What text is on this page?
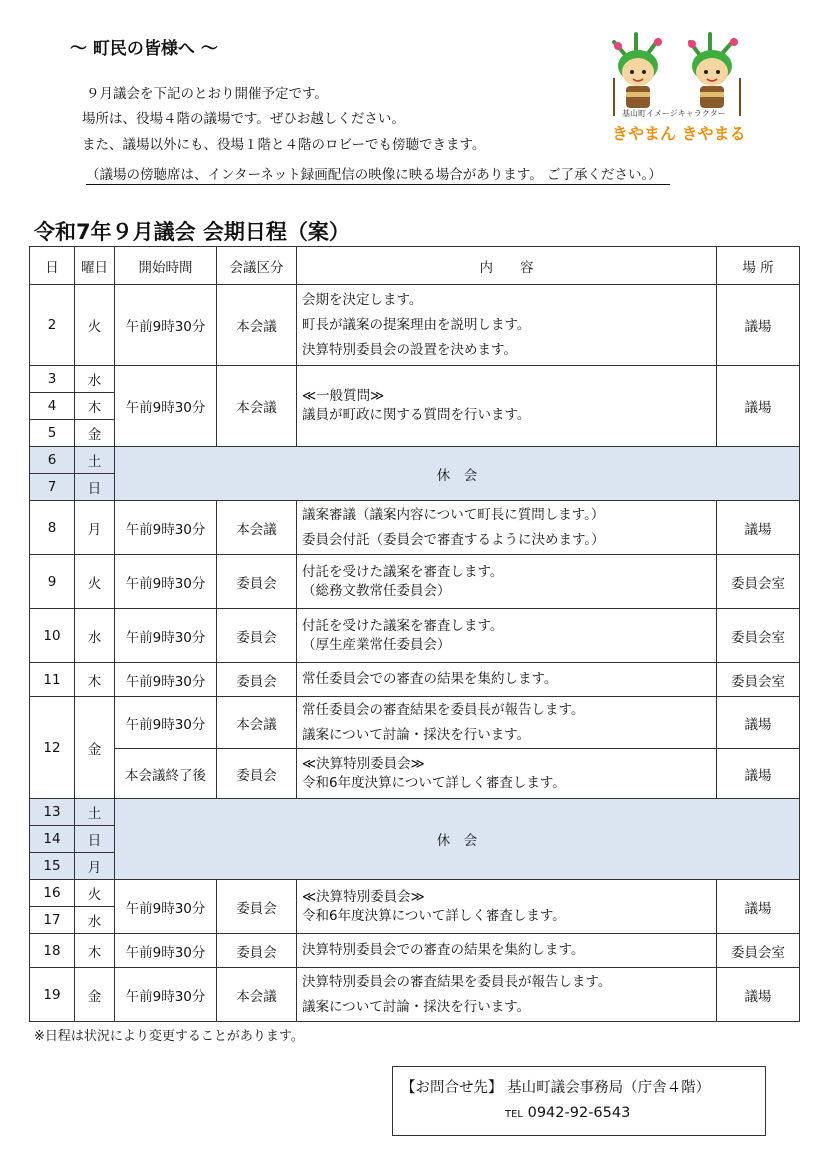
～ 町民の皆様へ ～
９月議会を下記のとおり開催予定です。
場所は、役場４階の議場です。ぜひお越しください。
また、議場以外にも、役場１階と４階のロビーでも傍聴できます。
（議場の傍聴席は、インターネット録画配信の映像に映る場合があります。 ご了承ください。）
基山町イメージキャラクター
きやまん きやまる
令和7年９月議会 会期日程（案）
日	曜日	開始時間	会議区分	内　　容	場 所
2	火	午前9時30分	本会議	会期を決定します。
町長が議案の提案理由を説明します。
決算特別委員会の設置を決めます。	議場
3	水	午前9時30分	本会議	≪一般質問≫
議員が町政に関する質問を行います。	議場
4	木				
5	金				
6	土	休　会			
7	日				
8	月	午前9時30分	本会議	議案審議（議案内容について町長に質問します。）
委員会付託（委員会で審査するように決めます。）	議場
9	火	午前9時30分	委員会	付託を受けた議案を審査します。
（総務文教常任委員会）	委員会室
10	水	午前9時30分	委員会	付託を受けた議案を審査します。
（厚生産業常任委員会）	委員会室
11	木	午前9時30分	委員会	常任委員会での審査の結果を集約します。	委員会室
12	金	午前9時30分	本会議	常任委員会の審査結果を委員長が報告します。
議案について討論・採決を行います。	議場
		本会議終了後	委員会	≪決算特別委員会≫
令和6年度決算について詳しく審査します。	議場
13	土	休　会			
14	日				
15	月				
16	火	午前9時30分	委員会	≪決算特別委員会≫
令和6年度決算について詳しく審査します。	議場
17	水				
18	木	午前9時30分	委員会	決算特別委員会での審査の結果を集約します。	委員会室
19	金	午前9時30分	本会議	決算特別委員会の審査結果を委員長が報告します。
議案について討論・採決を行います。	議場
※日程は状況により変更することがあります。
【お問合せ先】 基山町議会事務局（庁舎４階）
TEL 0942-92-6543
